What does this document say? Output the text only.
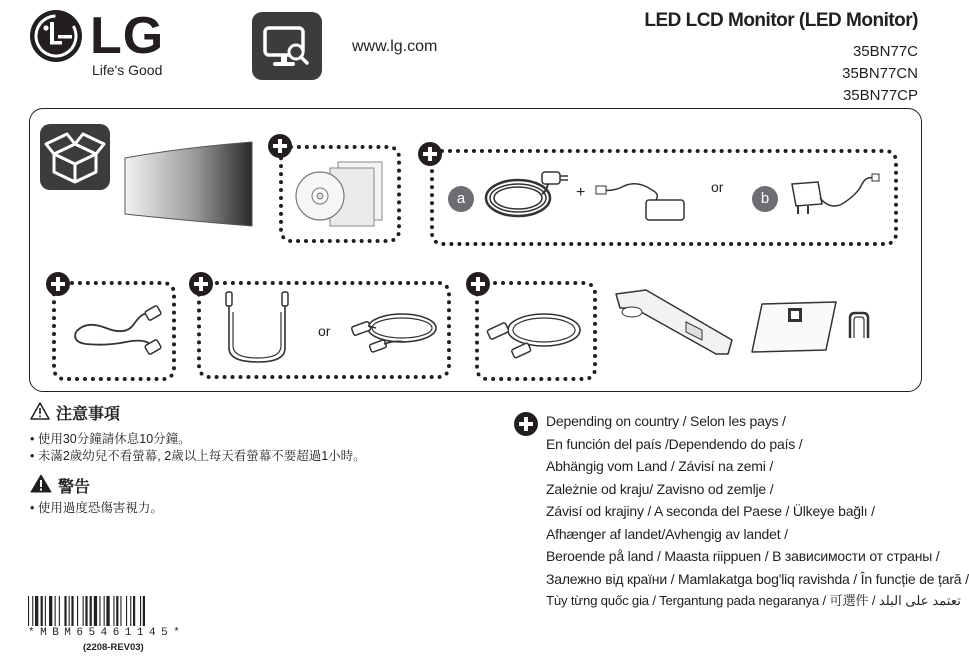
LG
Life's Good
www.lg.com
LED LCD Monitor (LED Monitor)
35BN77C
35BN77CN
35BN77CP
a	+	or
b
or
注意事項
• 使用30分鐘請休息10分鐘。
• 未滿2歲幼兒不看螢幕, 2歲以上每天看螢幕不要超過1小時。
警告
• 使用過度恐傷害視力。
Depending on country / Selon les pays /
En función del país /Dependendo do país /
Abhängig vom Land / Závisí na zemi /
Zależnie od kraju/ Zavisno od zemlje /
Závisí od krajiny / A seconda del Paese / Ülkeye bağlı /
Afhænger af landet/Avhengig av landet /
Beroende på land / Maasta riippuen / В зависимости от страны /
Залежно від країни / Mamlakatga bog'liq ravishda / În funcție de țară /
Tùy từng quốc gia / Tergantung pada negaranya / 可選件 / تعتمد على البلد
*MBM65461145*
(2208-REV03)
